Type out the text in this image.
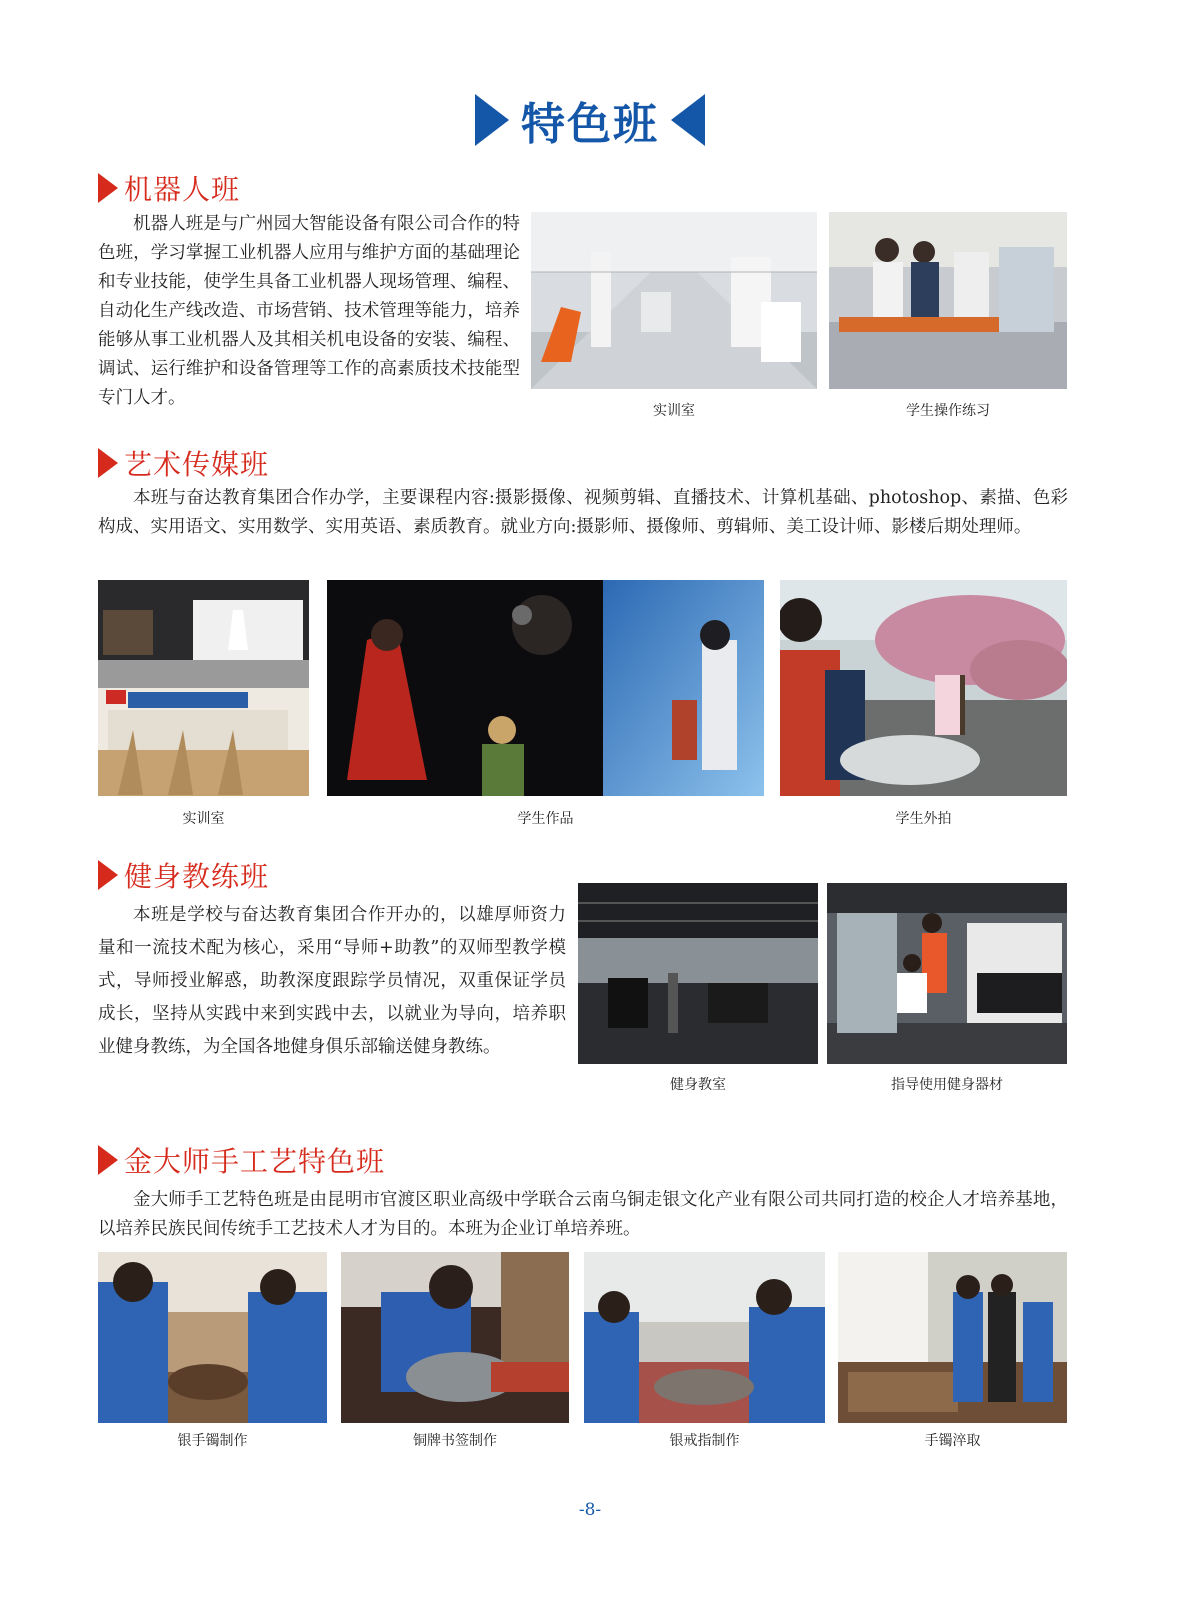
特色班
机器人班
机器人班是与广州园大智能设备有限公司合作的特色班，学习掌握工业机器人应用与维护方面的基础理论和专业技能，使学生具备工业机器人现场管理、编程、自动化生产线改造、市场营销、技术管理等能力，培养能够从事工业机器人及其相关机电设备的安装、编程、调试、运行维护和设备管理等工作的高素质技术技能型专门人才。
实训室	学生操作练习
艺术传媒班
本班与奋达教育集团合作办学，主要课程内容:摄影摄像、视频剪辑、直播技术、计算机基础、photoshop、素描、色彩构成、实用语文、实用数学、实用英语、素质教育。就业方向:摄影师、摄像师、剪辑师、美工设计师、影楼后期处理师。
实训室	学生作品	学生外拍
健身教练班
本班是学校与奋达教育集团合作开办的，以雄厚师资力量和一流技术配为核心，采用“导师+助教”的双师型教学模式，导师授业解惑，助教深度跟踪学员情况，双重保证学员成长，坚持从实践中来到实践中去，以就业为导向，培养职业健身教练，为全国各地健身俱乐部输送健身教练。
健身教室	指导使用健身器材
金大师手工艺特色班
金大师手工艺特色班是由昆明市官渡区职业高级中学联合云南乌铜走银文化产业有限公司共同打造的校企人才培养基地，以培养民族民间传统手工艺技术人才为目的。本班为企业订单培养班。
银手镯制作	铜牌书签制作	银戒指制作	手镯淬取
-8-
